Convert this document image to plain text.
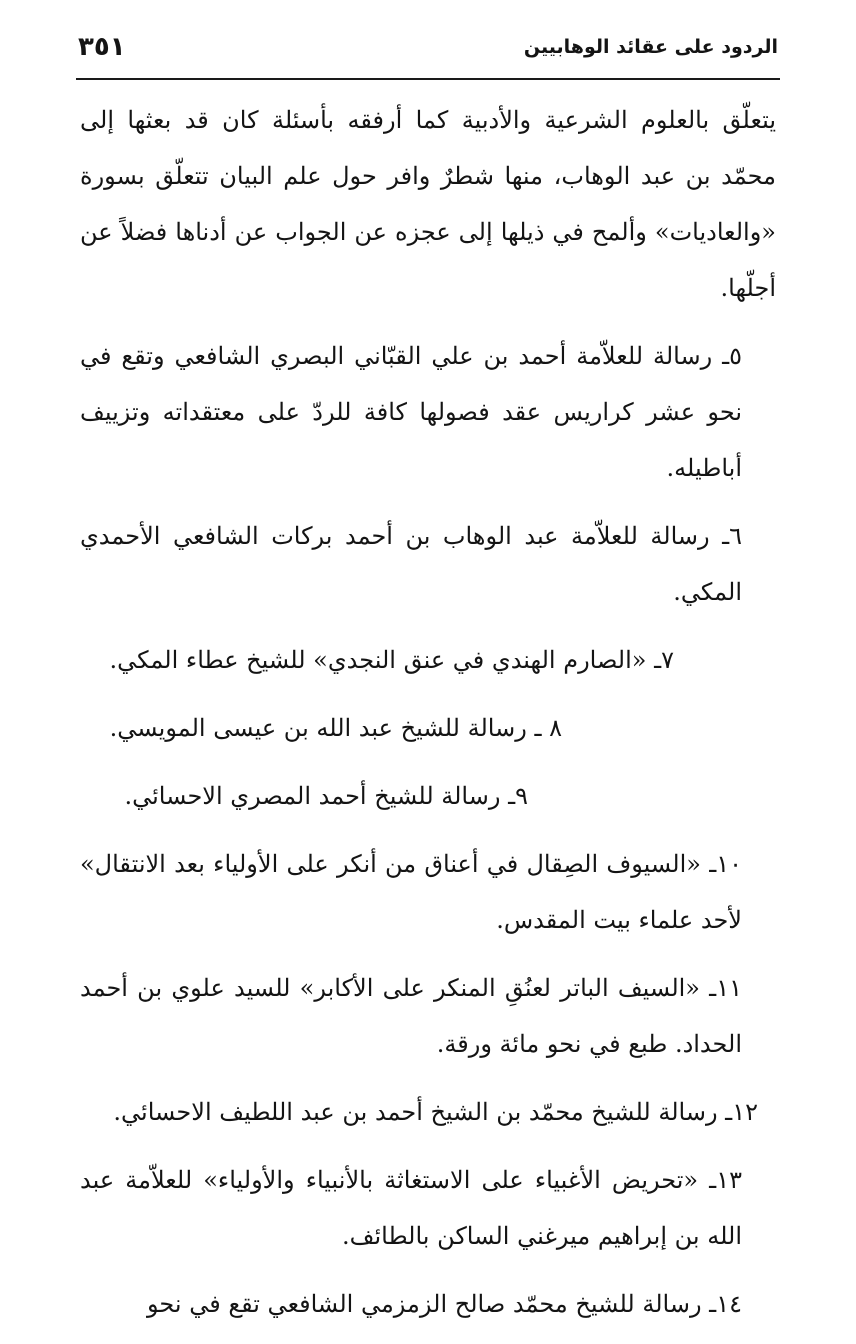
الردود على عقائد الوهابيين
٣٥١

يتعلّق بالعلوم الشرعية والأدبية كما أرفقه بأسئلة كان قد بعثها إلى محمّد بن عبد الوهاب، منها شطرٌ وافر حول علم البيان تتعلّق بسورة «والعاديات» وألمح في ذيلها إلى عجزه عن الجواب عن أدناها فضلاً عن أجلّها.

٥ـ رسالة للعلاّمة أحمد بن علي القبّاني البصري الشافعي وتقع في نحو عشر كراريس عقد فصولها كافة للردّ على معتقداته وتزييف أباطيله.

٦ـ رسالة للعلاّمة عبد الوهاب بن أحمد بركات الشافعي الأحمدي المكي.

٧ـ «الصارم الهندي في عنق النجدي» للشيخ عطاء المكي.

٨ ـ رسالة للشيخ عبد الله بن عيسى المويسي.

٩ـ رسالة للشيخ أحمد المصري الاحسائي.

١٠ـ «السيوف الصِقال في أعناق من أنكر على الأولياء بعد الانتقال» لأحد علماء بيت المقدس.

١١ـ «السيف الباتر لعنُقِ المنكر على الأكابر» للسيد علوي بن أحمد الحداد. طبع في نحو مائة ورقة.

١٢ـ رسالة للشيخ محمّد بن الشيخ أحمد بن عبد اللطيف الاحسائي.

١٣ـ «تحريض الأغبياء على الاستغاثة بالأنبياء والأولياء» للعلاّمة عبد الله بن إبراهيم ميرغني الساكن بالطائف.

١٤ـ رسالة للشيخ محمّد صالح الزمزمي الشافعي تقع في نحو
